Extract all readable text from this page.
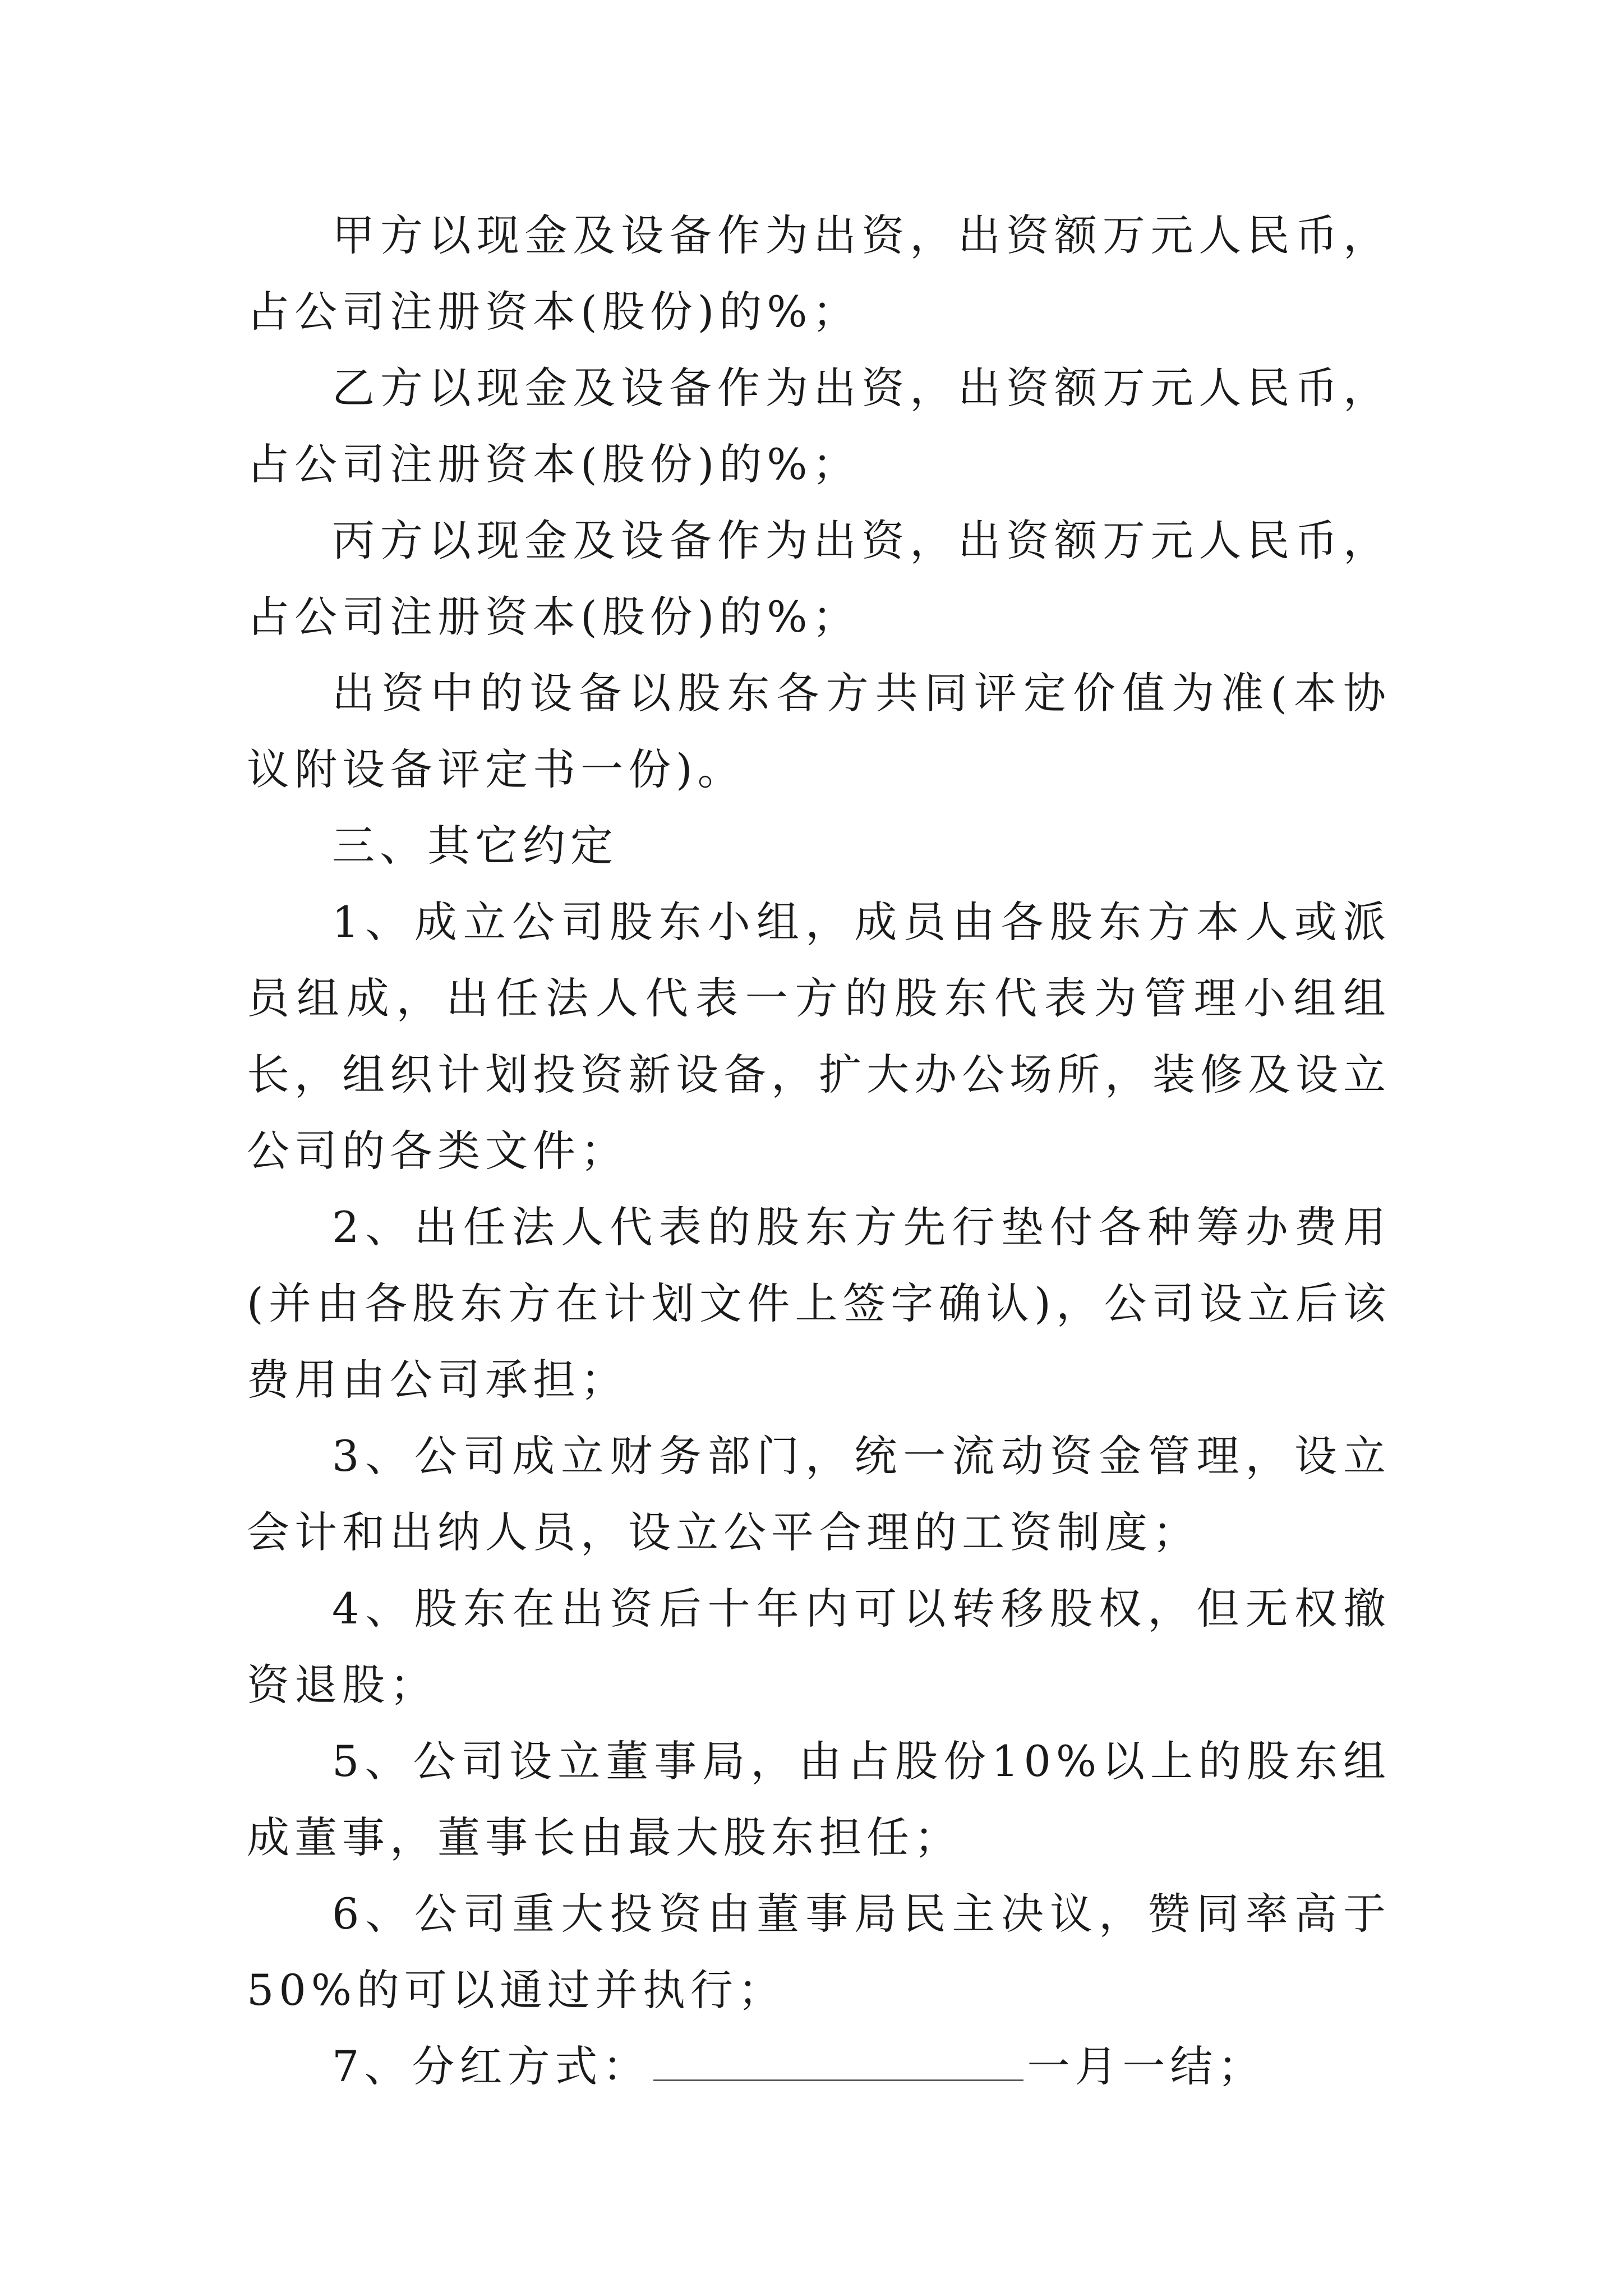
甲方以现金及设备作为出资，出资额万元人民币，占公司注册资本(股份)的%；

乙方以现金及设备作为出资，出资额万元人民币，占公司注册资本(股份)的%；

丙方以现金及设备作为出资，出资额万元人民币，占公司注册资本(股份)的%；

出资中的设备以股东各方共同评定价值为准(本协议附设备评定书一份)。

三、其它约定

1、成立公司股东小组，成员由各股东方本人或派员组成，出任法人代表一方的股东代表为管理小组组长，组织计划投资新设备，扩大办公场所，装修及设立公司的各类文件；

2、出任法人代表的股东方先行垫付各种筹办费用(并由各股东方在计划文件上签字确认)，公司设立后该费用由公司承担；

3、公司成立财务部门，统一流动资金管理，设立会计和出纳人员，设立公平合理的工资制度；

4、股东在出资后十年内可以转移股权，但无权撤资退股；

5、公司设立董事局，由占股份10%以上的股东组成董事，董事长由最大股东担任；

6、公司重大投资由董事局民主决议，赞同率高于50%的可以通过并执行；

7、分红方式：	一月一结；
